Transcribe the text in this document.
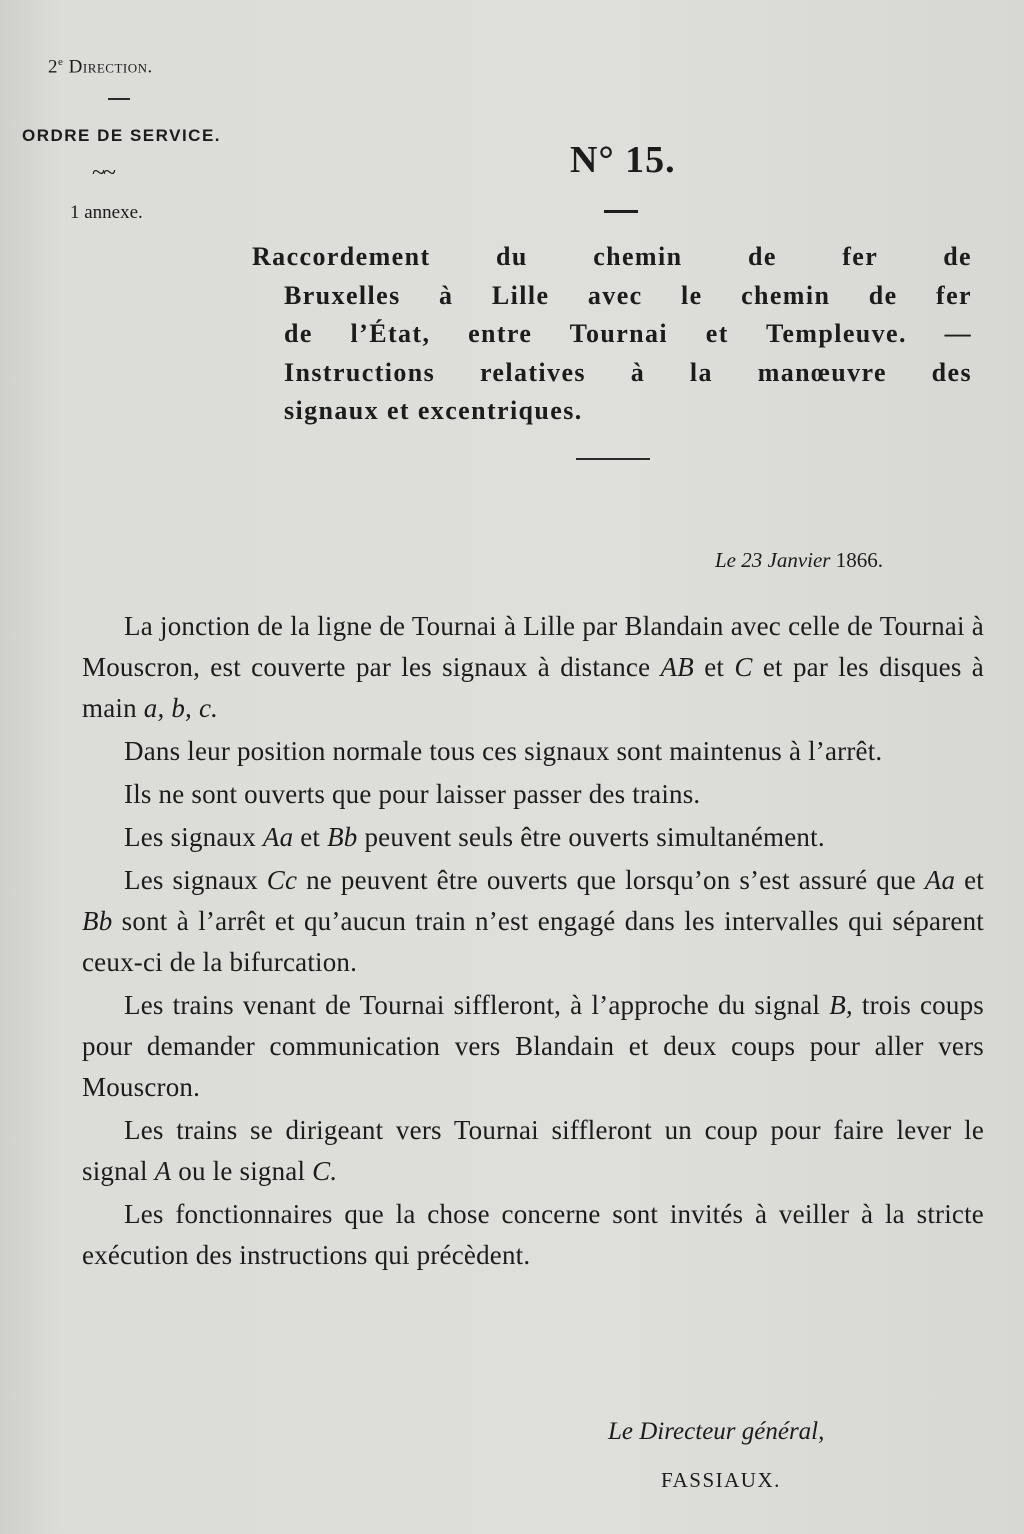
2e Direction.
ORDRE DE SERVICE.
~~
1 annexe.
N° 15.
Raccordement du chemin de fer de
Bruxelles à Lille avec le chemin de fer
de l’État, entre Tournai et Templeuve. —
Instructions relatives à la manœuvre des
signaux et excentriques.
Le 23 Janvier 1866.

La jonction de la ligne de Tournai à Lille par Blandain avec celle de Tournai à Mouscron, est couverte par les signaux à distance AB et C et par les disques à main a, b, c.

Dans leur position normale tous ces signaux sont maintenus à l’arrêt.

Ils ne sont ouverts que pour laisser passer des trains.

Les signaux Aa et Bb peuvent seuls être ouverts simultanément.

Les signaux Cc ne peuvent être ouverts que lorsqu’on s’est assuré que Aa et Bb sont à l’arrêt et qu’aucun train n’est engagé dans les intervalles qui séparent ceux-ci de la bifurcation.

Les trains venant de Tournai siffleront, à l’approche du signal B, trois coups pour demander communication vers Blandain et deux coups pour aller vers Mouscron.

Les trains se dirigeant vers Tournai siffleront un coup pour faire lever le signal A ou le signal C.

Les fonctionnaires que la chose concerne sont invités à veiller à la stricte exécution des instructions qui précèdent.

Le Directeur général,
FASSIAUX.
